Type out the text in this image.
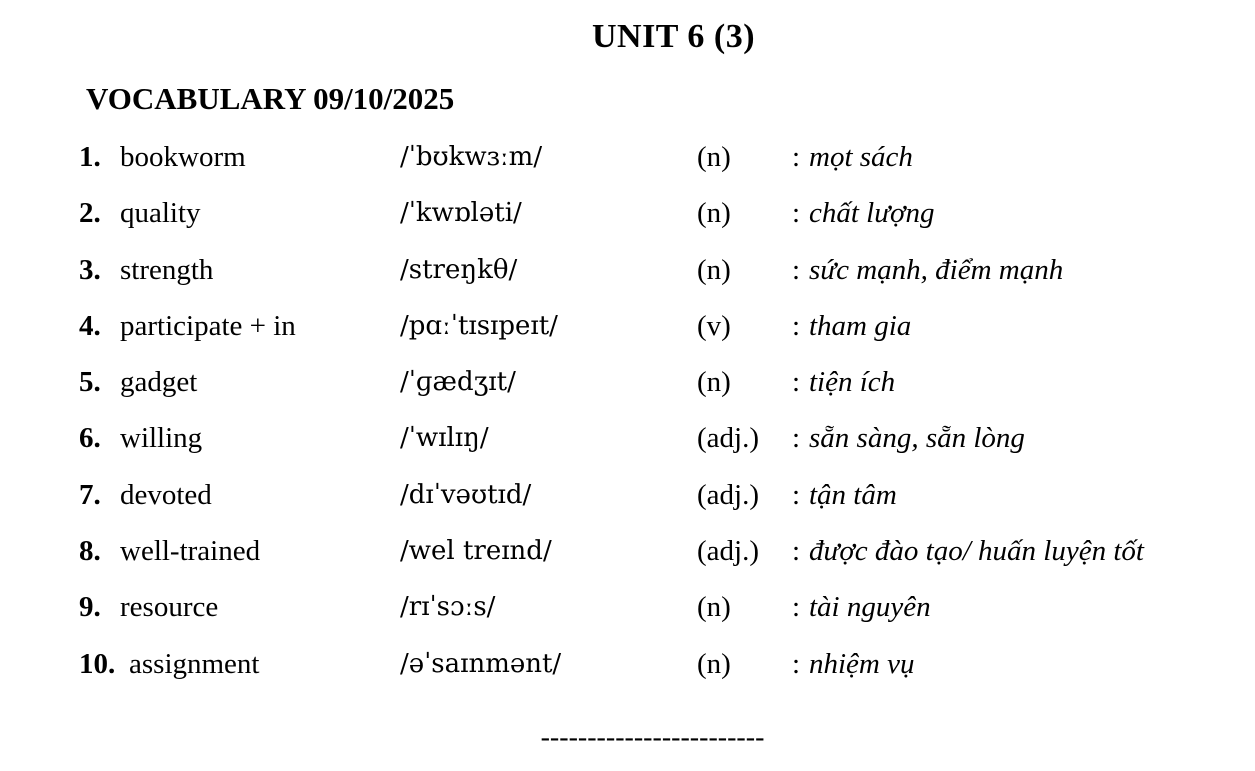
UNIT 6 (3)
VOCABULARY 09/10/2025
1. bookworm	/ˈbʊkwɜːm/	(n) : mọt sách
2. quality	/ˈkwɒləti/	(n) : chất lượng
3. strength	/streŋkθ/	(n) : sức mạnh, điểm mạnh
4. participate + in	/pɑːˈtɪsɪpeɪt/	(v) : tham gia
5. gadget	/ˈɡædʒɪt/	(n) : tiện ích
6. willing	/ˈwɪlɪŋ/	(adj.) : sẵn sàng, sẵn lòng
7. devoted	/dɪˈvəʊtɪd/	(adj.) : tận tâm
8. well-trained	/wel treɪnd/	(adj.) : được đào tạo/ huấn luyện tốt
9. resource	/rɪˈsɔːs/	(n) : tài nguyên
10. assignment	/əˈsaɪnmənt/	(n) : nhiệm vụ
------------------------
